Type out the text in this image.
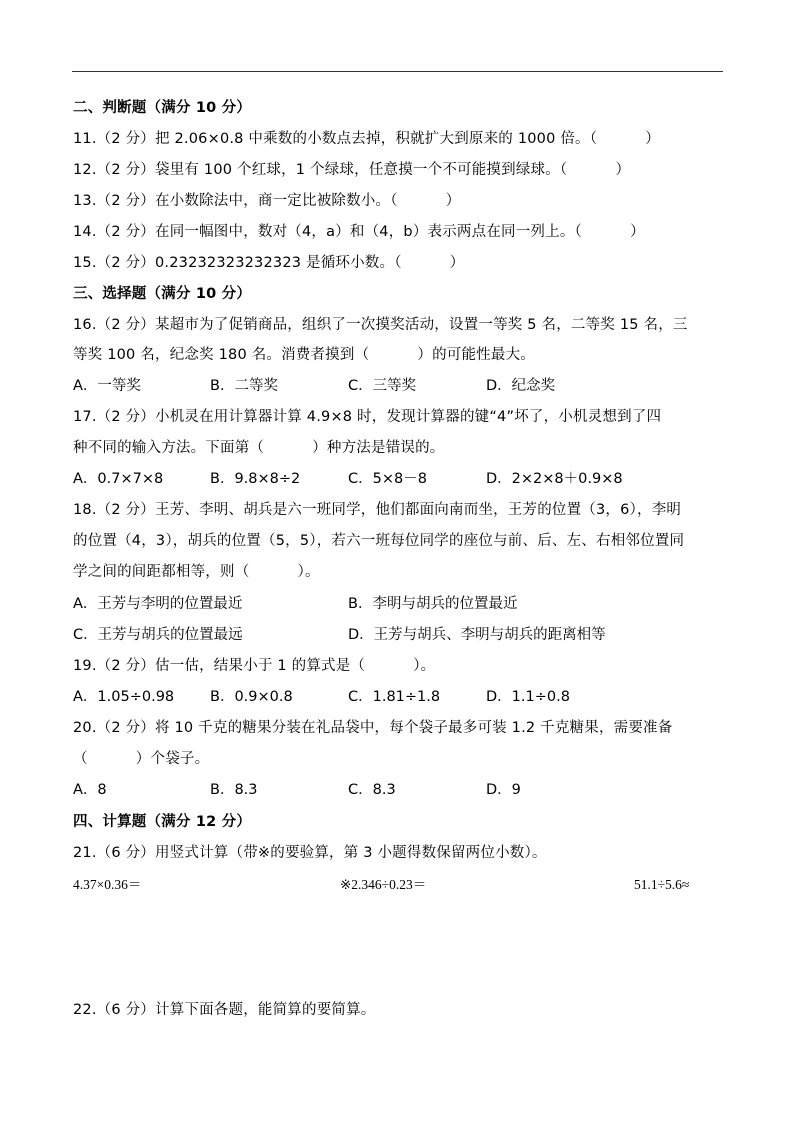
二、判断题（满分 10 分）
11.（2 分）把 2.06×0.8 中乘数的小数点去掉，积就扩大到原来的 1000 倍。（          ）
12.（2 分）袋里有 100 个红球，1 个绿球，任意摸一个不可能摸到绿球。（          ）
13.（2 分）在小数除法中，商一定比被除数小。（          ）
14.（2 分）在同一幅图中，数对（4，a）和（4，b）表示两点在同一列上。（          ）
15.（2 分）0.23232323232323 是循环小数。（          ）
三、选择题（满分 10 分）
16.（2 分）某超市为了促销商品，组织了一次摸奖活动，设置一等奖 5 名，二等奖 15 名，三
等奖 100 名，纪念奖 180 名。消费者摸到（          ）的可能性最大。
A．一等奖	B．二等奖	C．三等奖	D．纪念奖
17.（2 分）小机灵在用计算器计算 4.9×8 时，发现计算器的键“4”坏了，小机灵想到了四
种不同的输入方法。下面第（          ）种方法是错误的。
A．0.7×7×8	B．9.8×8÷2	C．5×8－8	D．2×2×8＋0.9×8
18.（2 分）王芳、李明、胡兵是六一班同学，他们都面向南而坐，王芳的位置（3，6），李明
的位置（4，3），胡兵的位置（5，5），若六一班每位同学的座位与前、后、左、右相邻位置同
学之间的间距都相等，则（          ）。
A．王芳与李明的位置最近	B．李明与胡兵的位置最近
C．王芳与胡兵的位置最远	D．王芳与胡兵、李明与胡兵的距离相等
19.（2 分）估一估，结果小于 1 的算式是（          ）。
A．1.05÷0.98 B．0.9×0.8	C．1.81÷1.8	D．1.1÷0.8
20.（2 分）将 10 千克的糖果分装在礼品袋中，每个袋子最多可装 1.2 千克糖果，需要准备
（          ）个袋子。
A．8	B．8.3	C．8.3	D．9
四、计算题（满分 12 分）
21.（6 分）用竖式计算（带※的要验算，第 3 小题得数保留两位小数）。
4.37×0.36＝	※2.346÷0.23＝	51.1÷5.6≈
22.（6 分）计算下面各题，能简算的要简算。
